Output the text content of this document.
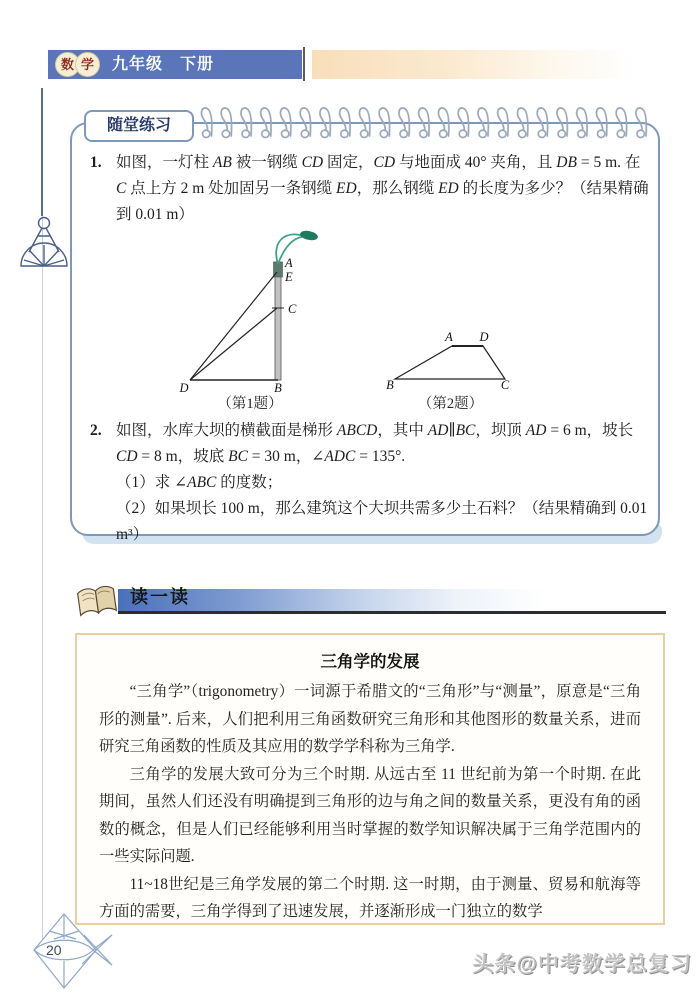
数 学	九年级　下册
随堂练习
1. 如图，一灯柱 AB 被一钢缆 CD 固定，CD 与地面成 40° 夹角，且 DB = 5 m. 在 C 点上方 2 m 处加固另一条钢缆 ED，那么钢缆 ED 的长度为多少？（结果精确到 0.01 m）
A
E
C
D	B
（第1题）
A D
B	C
（第2题）
2. 如图，水库大坝的横截面是梯形 ABCD，其中 AD∥BC，坝顶 AD = 6 m，坡长 CD = 8 m，坡底 BC = 30 m，∠ADC = 135°.
（1）求 ∠ABC 的度数；
（2）如果坝长 100 m，那么建筑这个大坝共需多少土石料？（结果精确到 0.01 m³）
读一读
三角学的发展

“三角学”（trigonometry）一词源于希腊文的“三角形”与“测量”，原意是“三角形的测量”. 后来，人们把利用三角函数研究三角形和其他图形的数量关系，进而研究三角函数的性质及其应用的数学学科称为三角学.

三角学的发展大致可分为三个时期. 从远古至 11 世纪前为第一个时期. 在此期间，虽然人们还没有明确提到三角形的边与角之间的数量关系，更没有角的函数的概念，但是人们已经能够利用当时掌握的数学知识解决属于三角学范围内的一些实际问题.

11~18世纪是三角学发展的第二个时期. 这一时期，由于测量、贸易和航海等方面的需要，三角学得到了迅速发展，并逐渐形成一门独立的数学

20
头条@中考数学总复习
